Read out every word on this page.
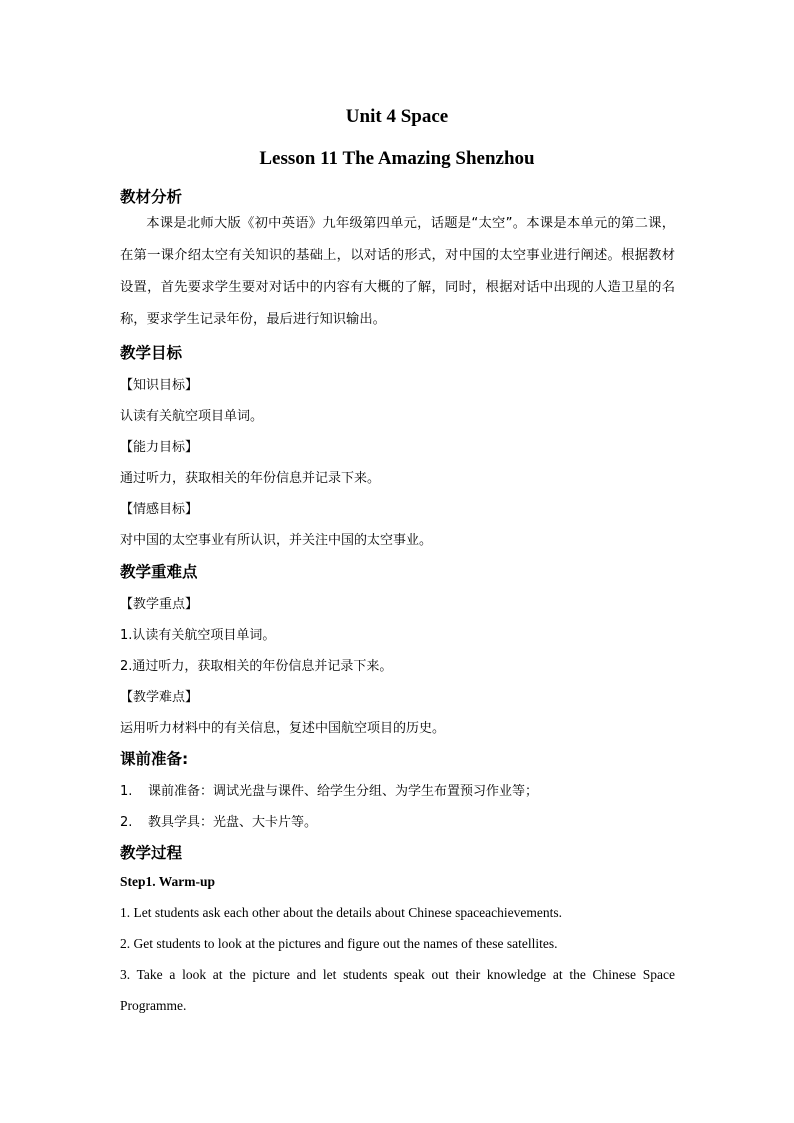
Unit 4 Space
Lesson 11 The Amazing Shenzhou
教材分析
本课是北师大版《初中英语》九年级第四单元，话题是“太空”。本课是本单元的第二课，在第一课介绍太空有关知识的基础上，以对话的形式，对中国的太空事业进行阐述。根据教材设置，首先要求学生要对对话中的内容有大概的了解，同时，根据对话中出现的人造卫星的名称，要求学生记录年份，最后进行知识输出。
教学目标
【知识目标】
认读有关航空项目单词。
【能力目标】
通过听力，获取相关的年份信息并记录下来。
【情感目标】
对中国的太空事业有所认识，并关注中国的太空事业。
教学重难点
【教学重点】
1.认读有关航空项目单词。
2.通过听力，获取相关的年份信息并记录下来。
【教学难点】
运用听力材料中的有关信息，复述中国航空项目的历史。
课前准备:
1. 课前准备：调试光盘与课件、给学生分组、为学生布置预习作业等；
2. 教具学具：光盘、大卡片等。
教学过程
Step1. Warm-up
1. Let students ask each other about the details about Chinese spaceachievements.
2. Get students to look at the pictures and figure out the names of these satellites.
3. Take a look at the picture and let students speak out their knowledge at the Chinese Space
Programme.
